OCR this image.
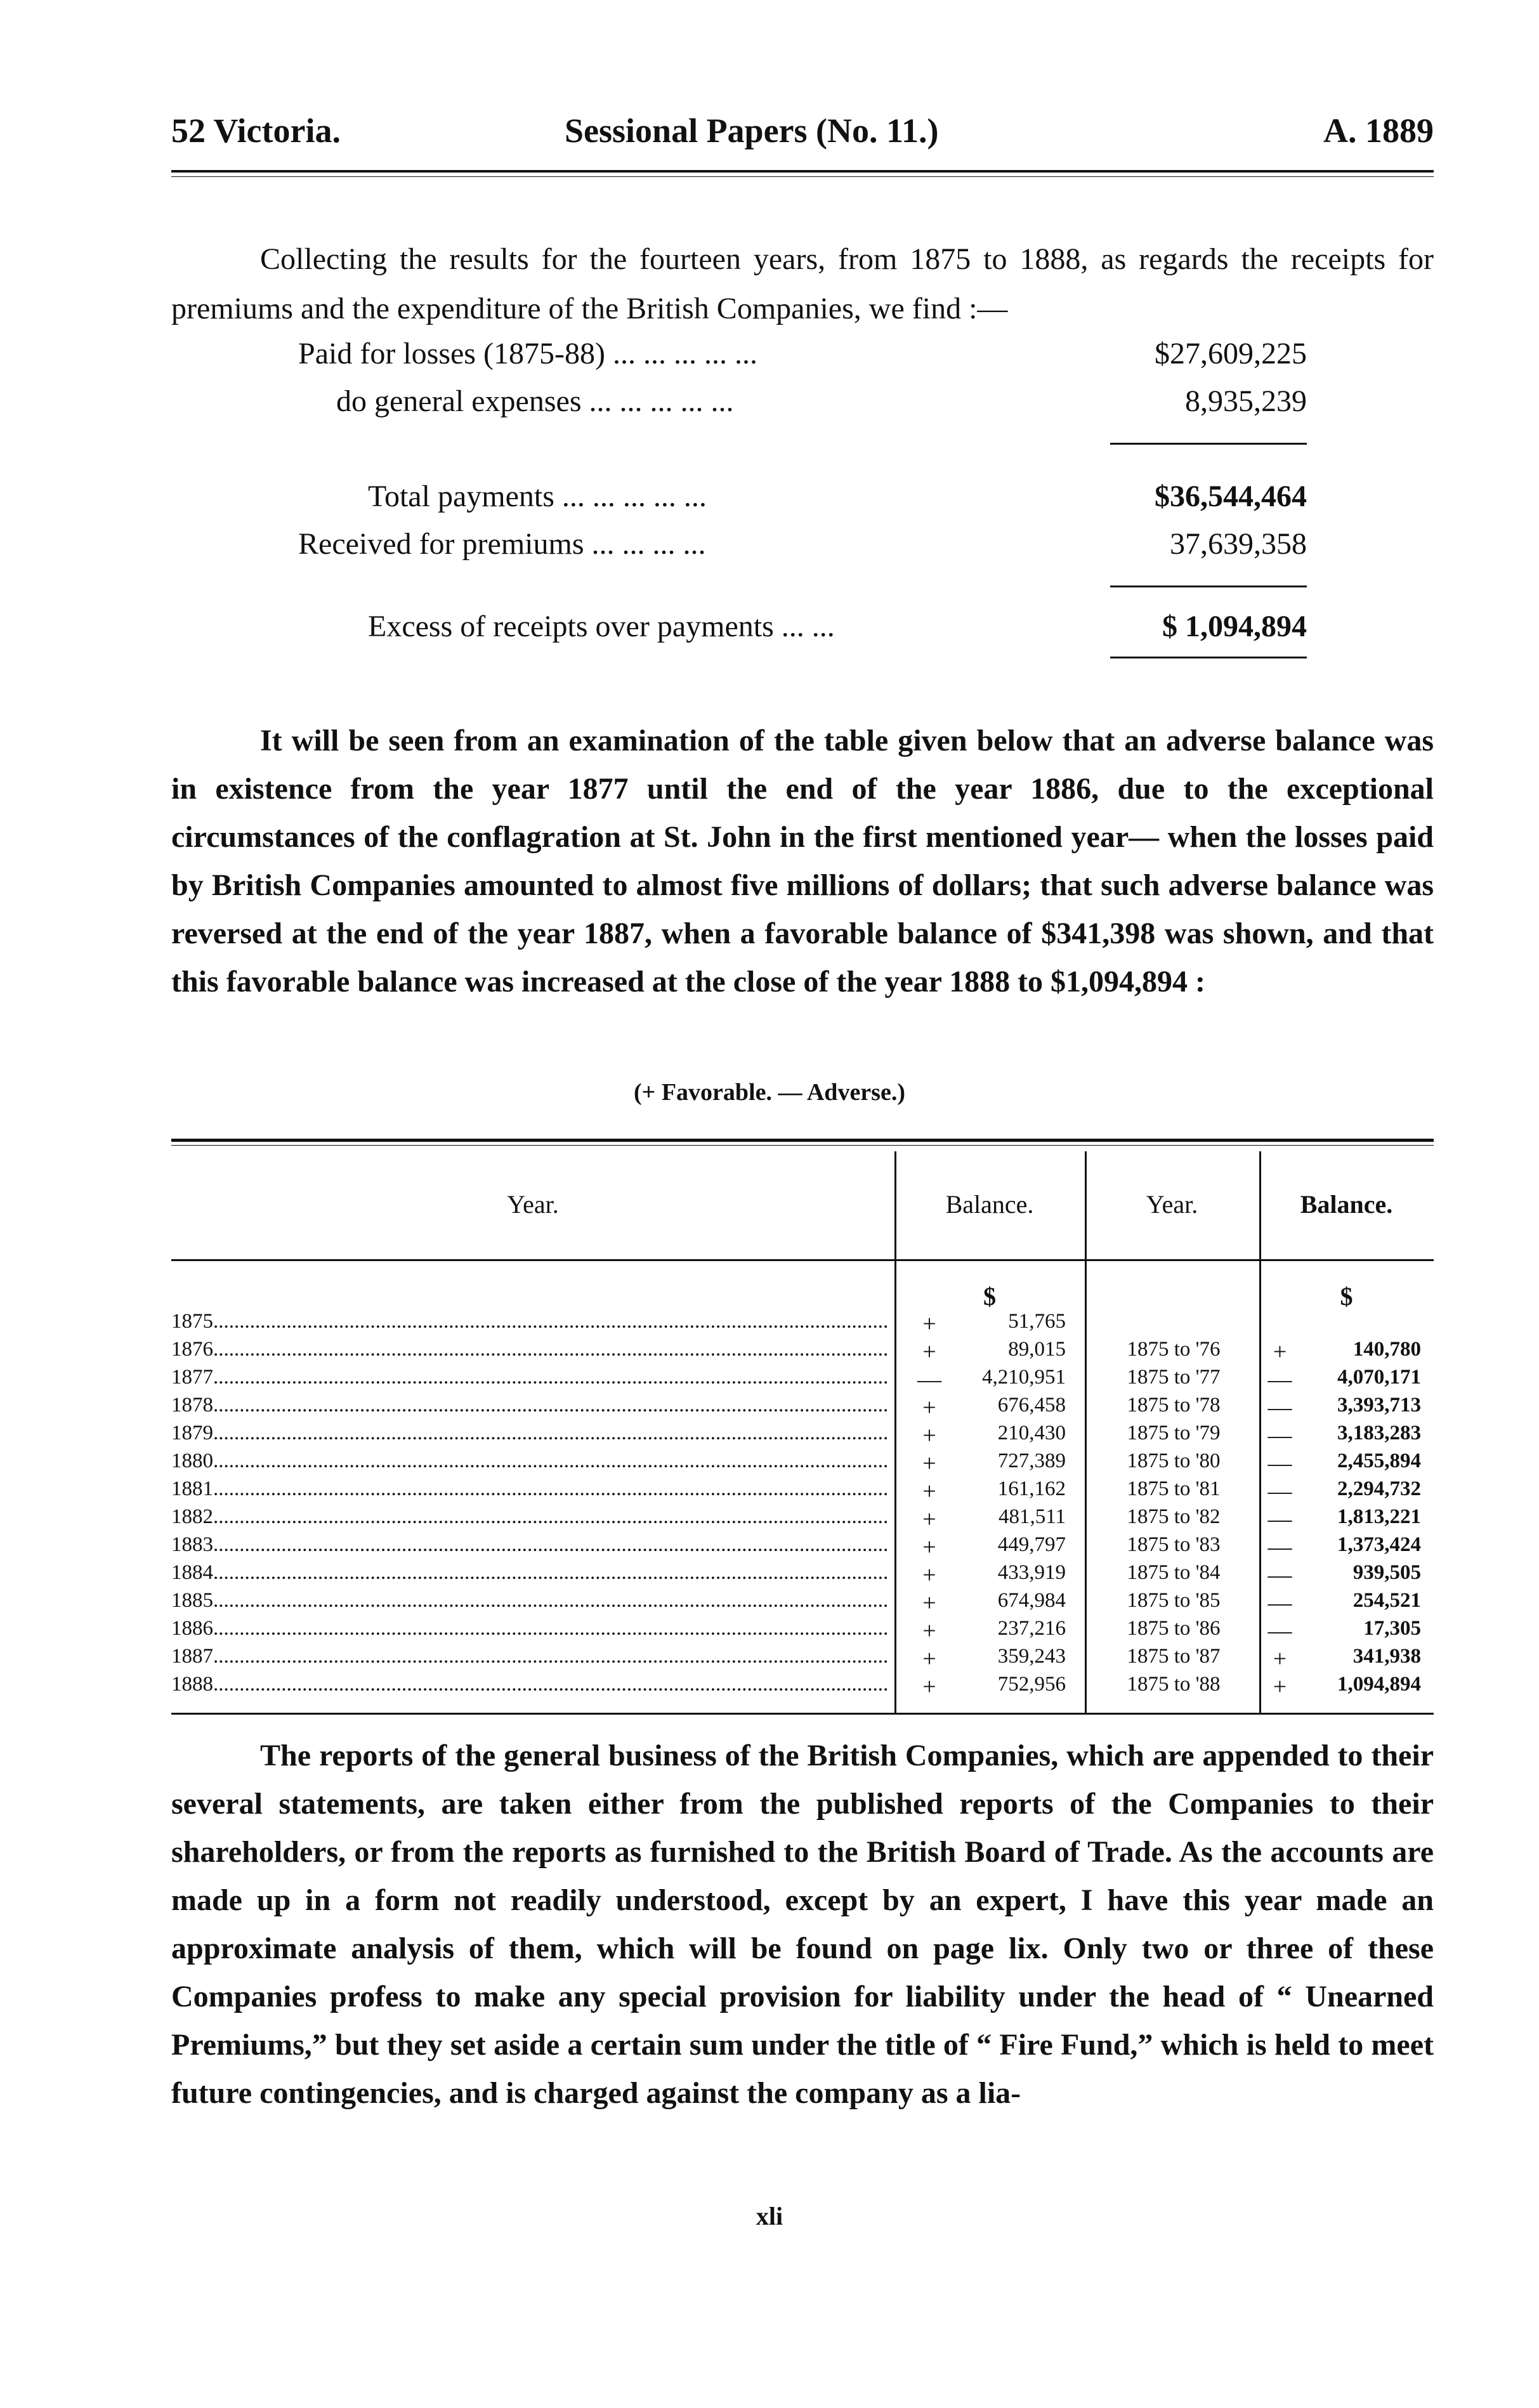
52 Victoria.	Sessional Papers (No. 11.)	A. 1889

Collecting the results for the fourteen years, from 1875 to 1888, as regards the receipts for premiums and the expenditure of the British Companies, we find :—

Paid for losses (1875-88) ... ... ... ... ...	$27,609,225
do general expenses ... ... ... ... ...	8,935,239
Total payments ... ... ... ... ...	$36,544,464
Received for premiums ... ... ... ...	37,639,358
Excess of receipts over payments ... ...	$ 1,094,894

It will be seen from an examination of the table given below that an adverse balance was in existence from the year 1877 until the end of the year 1886, due to the exceptional circumstances of the conflagration at St. John in the first mentioned year— when the losses paid by British Companies amounted to almost five millions of dollars; that such adverse balance was reversed at the end of the year 1887, when a favorable balance of $341,398 was shown, and that this favorable balance was increased at the close of the year 1888 to $1,094,894 :

(+ Favorable. — Adverse.)
Year.	Balance.	Year.	Balance.
$	$
1875 .....	+	51,765
1876 .....	+	89,015	1875 to '76	+	140,780
1877 .....	—	4,210,951	1875 to '77	—	4,070,171
1878 .....	+	676,458	1875 to '78	—	3,393,713
1879 .....	+	210,430	1875 to '79	—	3,183,283
1880 .....	+	727,389	1875 to '80	—	2,455,894
1881 .....	+	161,162	1875 to '81	—	2,294,732
1882 .....	+	481,511	1875 to '82	—	1,813,221
1883 .....	+	449,797	1875 to '83	—	1,373,424
1884 .....	+	433,919	1875 to '84	—	939,505
1885 .....	+	674,984	1875 to '85	—	254,521
1886 .....	+	237,216	1875 to '86	—	17,305
1887 .....	+	359,243	1875 to '87	+	341,938
1888 .....	+	752,956	1875 to '88	+	1,094,894

The reports of the general business of the British Companies, which are appended to their several statements, are taken either from the published reports of the Companies to their shareholders, or from the reports as furnished to the British Board of Trade. As the accounts are made up in a form not readily understood, except by an expert, I have this year made an approximate analysis of them, which will be found on page lix. Only two or three of these Companies profess to make any special provision for liability under the head of “ Unearned Premiums,” but they set aside a certain sum under the title of “ Fire Fund,” which is held to meet future contingencies, and is charged against the company as a lia-

xli
